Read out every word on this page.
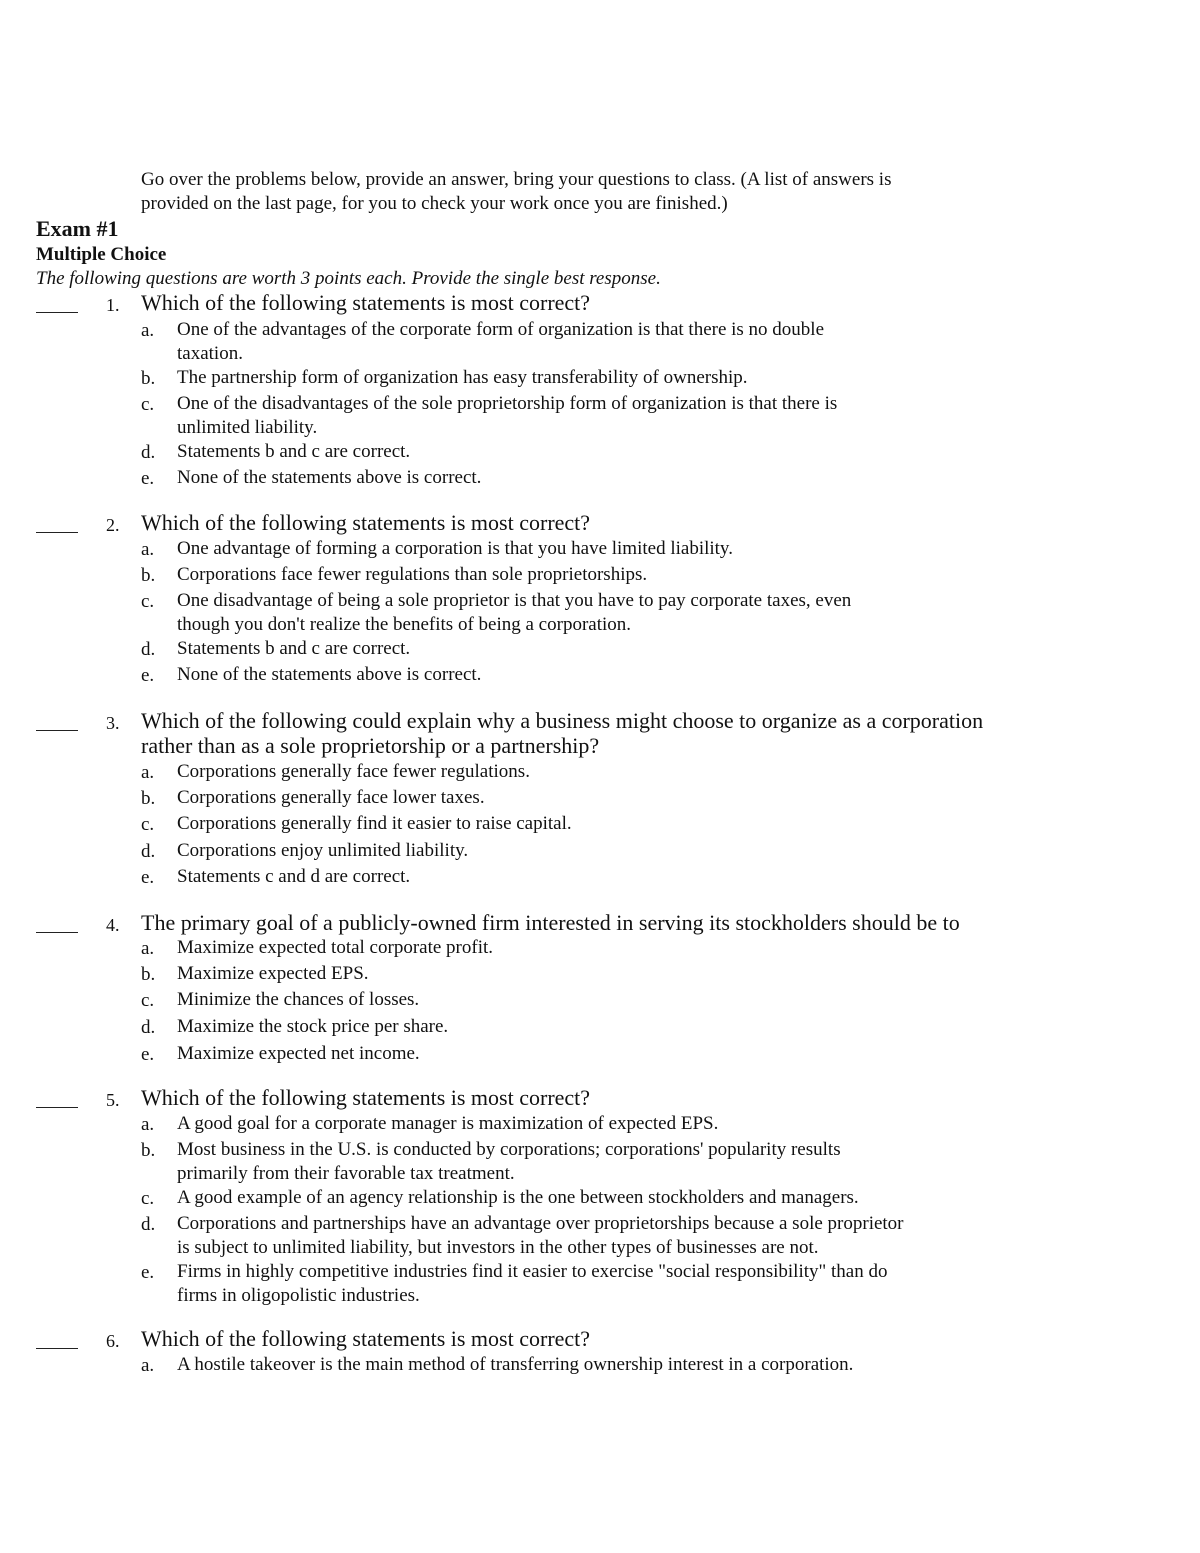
Go over the problems below, provide an answer, bring your questions to class. (A list of answers is
provided on the last page, for you to check your work once you are finished.)
Exam #1
Multiple Choice
The following questions are worth 3 points each. Provide the single best response.
1. Which of the following statements is most correct?
a. One of the advantages of the corporate form of organization is that there is no double
taxation.
b. The partnership form of organization has easy transferability of ownership.
c. One of the disadvantages of the sole proprietorship form of organization is that there is
unlimited liability.
d. Statements b and c are correct.
e. None of the statements above is correct.
2. Which of the following statements is most correct?
a. One advantage of forming a corporation is that you have limited liability.
b. Corporations face fewer regulations than sole proprietorships.
c. One disadvantage of being a sole proprietor is that you have to pay corporate taxes, even
though you don't realize the benefits of being a corporation.
d. Statements b and c are correct.
e. None of the statements above is correct.
3. Which of the following could explain why a business might choose to organize as a corporation
rather than as a sole proprietorship or a partnership?
a. Corporations generally face fewer regulations.
b. Corporations generally face lower taxes.
c. Corporations generally find it easier to raise capital.
d. Corporations enjoy unlimited liability.
e. Statements c and d are correct.
4. The primary goal of a publicly-owned firm interested in serving its stockholders should be to
a. Maximize expected total corporate profit.
b. Maximize expected EPS.
c. Minimize the chances of losses.
d. Maximize the stock price per share.
e. Maximize expected net income.
5. Which of the following statements is most correct?
a. A good goal for a corporate manager is maximization of expected EPS.
b. Most business in the U.S. is conducted by corporations; corporations' popularity results
primarily from their favorable tax treatment.
c. A good example of an agency relationship is the one between stockholders and managers.
d. Corporations and partnerships have an advantage over proprietorships because a sole proprietor
is subject to unlimited liability, but investors in the other types of businesses are not.
e. Firms in highly competitive industries find it easier to exercise "social responsibility" than do
firms in oligopolistic industries.
6. Which of the following statements is most correct?
a. A hostile takeover is the main method of transferring ownership interest in a corporation.
